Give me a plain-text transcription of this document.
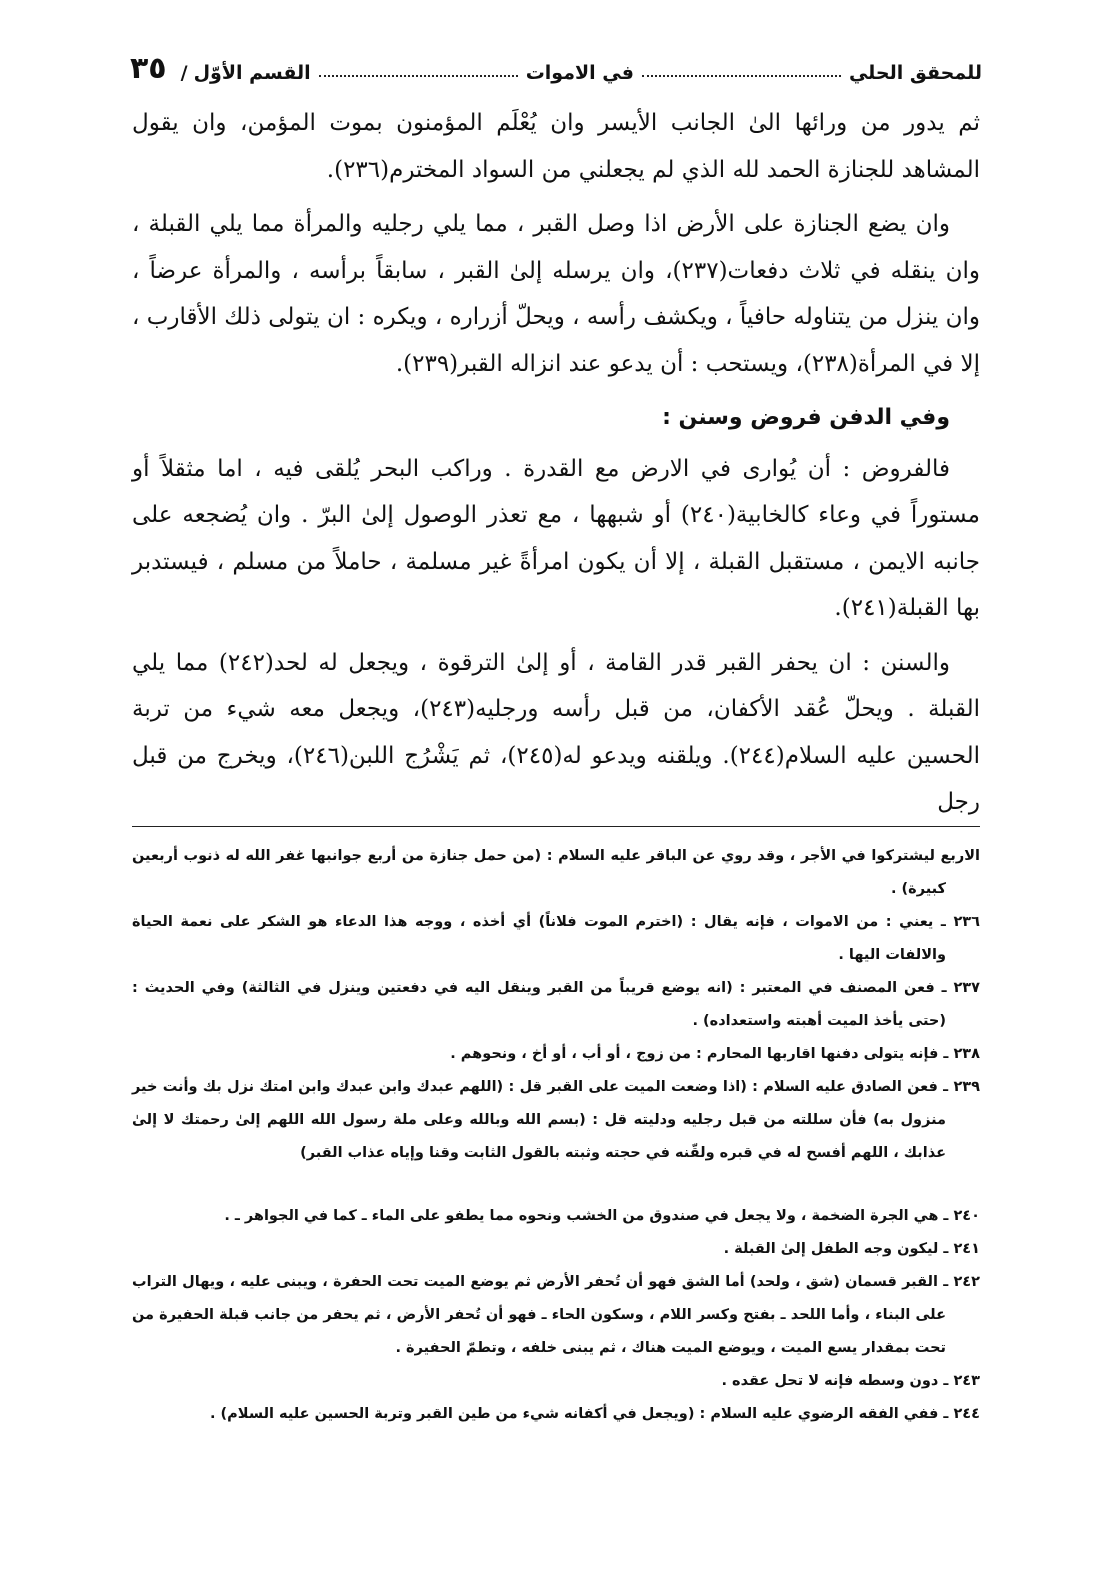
للمحقق الحلي
في الاموات
القسم الأوّل
/
٣٥

ثم يدور من ورائها الىٰ الجانب الأيسر وان يُعْلَم المؤمنون بموت المؤمن، وان يقول المشاهد للجنازة الحمد لله الذي لم يجعلني من السواد المخترم(٢٣٦).

وان يضع الجنازة على الأرض اذا وصل القبر ، مما يلي رجليه والمرأة مما يلي القبلة ، وان ينقله في ثلاث دفعات(٢٣٧)، وان يرسله إلىٰ القبر ، سابقاً برأسه ، والمرأة عرضاً ، وان ينزل من يتناوله حافياً ، ويكشف رأسه ، ويحلّ أزراره ، ويكره : ان يتولى ذلك الأقارب ، إلا في المرأة(٢٣٨)، ويستحب : أن يدعو عند انزاله القبر(٢٣٩).

وفي الدفن فروض وسنن :

فالفروض : أن يُوارى في الارض مع القدرة . وراكب البحر يُلقى فيه ، اما مثقلاً أو مستوراً في وعاء كالخابية(٢٤٠) أو شبهها ، مع تعذر الوصول إلىٰ البرّ . وان يُضجعه على جانبه الايمن ، مستقبل القبلة ، إلا أن يكون امرأةً غير مسلمة ، حاملاً من مسلم ، فيستدبر بها القبلة(٢٤١).

والسنن : ان يحفر القبر قدر القامة ، أو إلىٰ الترقوة ، ويجعل له لحد(٢٤٢) مما يلي القبلة . ويحلّ عُقد الأكفان، من قبل رأسه ورجليه(٢٤٣)، ويجعل معه شيء من تربة الحسين عليه السلام(٢٤٤). ويلقنه ويدعو له(٢٤٥)، ثم يَشْرُج اللبن(٢٤٦)، ويخرج من قبل رجل

الاربع ليشتركوا في الأجر ، وقد روي عن الباقر عليه السلام : (من حمل جنازة من أربع جوانبها غفر الله له ذنوب أربعين كبيرة) .

٢٣٦ ـ يعني : من الاموات ، فإنه يقال : (اخترم الموت فلاناً) أي أخذه ، ووجه هذا الدعاء هو الشكر على نعمة الحياة والالفات اليها .

٢٣٧ ـ فعن المصنف في المعتبر : (انه يوضع قريباً من القبر وينقل اليه في دفعتين وينزل في الثالثة) وفي الحديث : (حتى يأخذ الميت أهبته واستعداده) .

٢٣٨ ـ فإنه يتولى دفنها اقاربها المحارم : من زوج ، أو أب ، أو أخ ، ونحوهم .

٢٣٩ ـ فعن الصادق عليه السلام : (اذا وضعت الميت على القبر قل : (اللهم عبدك وابن عبدك وابن امتك نزل بك وأنت خير منزول به) فأن سللته من قبل رجليه ودليته قل : (بسم الله وبالله وعلى ملة رسول الله اللهم إلىٰ رحمتك لا إلىٰ عذابك ، اللهم أفسح له في قبره ولقّنه في حجته وثبته بالقول الثابت وقنا وإياه عذاب القبر)

٢٤٠ ـ هي الجرة الضخمة ، ولا يجعل في صندوق من الخشب ونحوه مما يطفو على الماء ـ كما في الجواهر ـ .

٢٤١ ـ ليكون وجه الطفل إلىٰ القبلة .

٢٤٢ ـ القبر قسمان (شق ، ولحد) أما الشق فهو أن تُحفر الأرض ثم يوضع الميت تحت الحفرة ، ويبنى عليه ، ويهال التراب على البناء ، وأما اللحد ـ بفتح وكسر اللام ، وسكون الحاء ـ فهو أن تُحفر الأرض ، ثم يحفر من جانب قبلة الحفيرة من تحت بمقدار يسع الميت ، ويوضع الميت هناك ، ثم يبنى خلفه ، وتطمّ الحفيرة .

٢٤٣ ـ دون وسطه فإنه لا تحل عقده .

٢٤٤ ـ ففي الفقه الرضوي عليه السلام : (ويجعل في أكفانه شيء من طين القبر وتربة الحسين عليه السلام) .
